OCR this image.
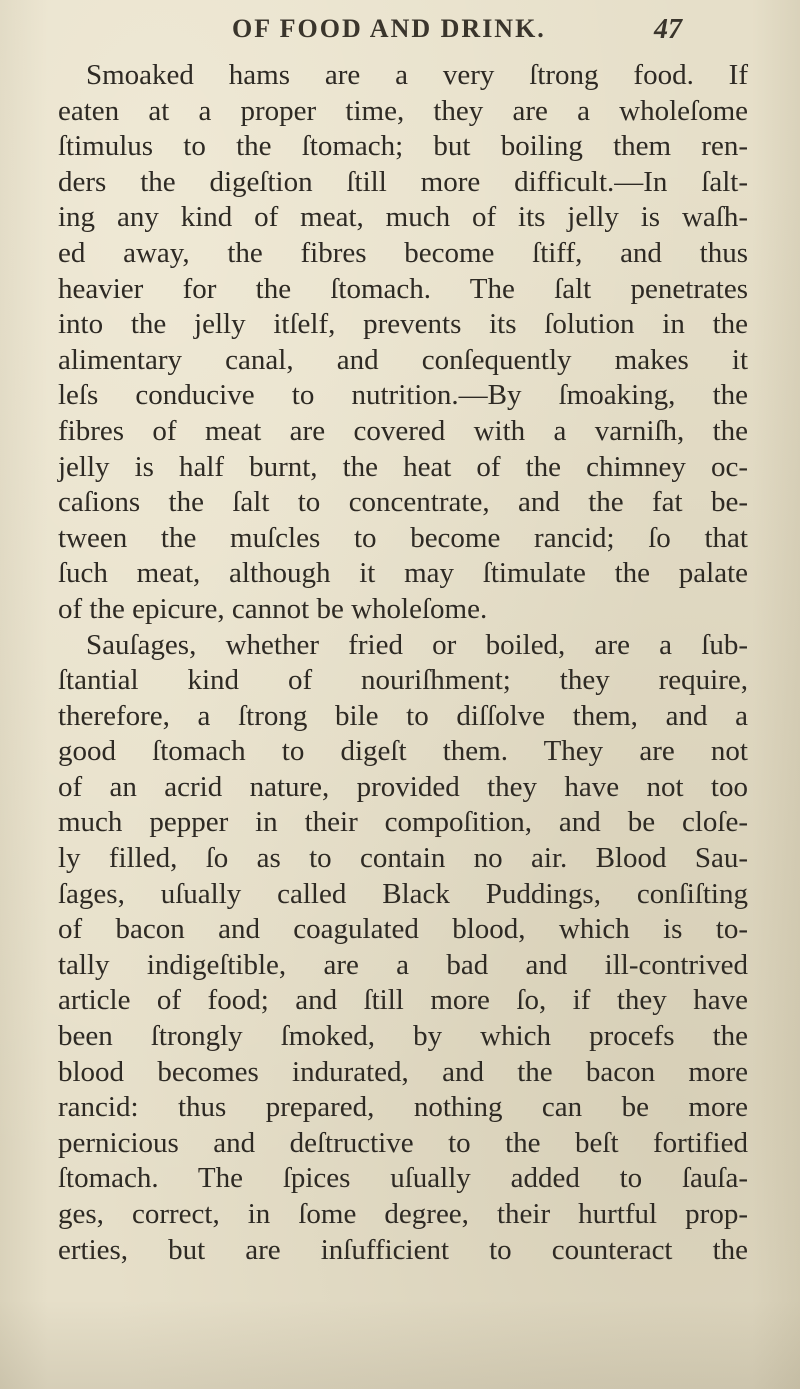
OF FOOD AND DRINK.	47
Smoaked hams are a very ſtrong food. If
eaten at a proper time, they are a wholeſome
ſtimulus to the ſtomach; but boiling them ren-
ders the digeſtion ſtill more difficult.—In ſalt-
ing any kind of meat, much of its jelly is waſh-
ed away, the fibres become ſtiff, and thus
heavier for the ſtomach. The ſalt penetrates
into the jelly itſelf, prevents its ſolution in the
alimentary canal, and conſequently makes it
leſs conducive to nutrition.—By ſmoaking, the
fibres of meat are covered with a varniſh, the
jelly is half burnt, the heat of the chimney oc-
caſions the ſalt to concentrate, and the fat be-
tween the muſcles to become rancid; ſo that
ſuch meat, although it may ſtimulate the palate
of the epicure, cannot be wholeſome.
Sauſages, whether fried or boiled, are a ſub-
ſtantial kind of nouriſhment; they require,
therefore, a ſtrong bile to diſſolve them, and a
good ſtomach to digeſt them. They are not
of an acrid nature, provided they have not too
much pepper in their compoſition, and be cloſe-
ly filled, ſo as to contain no air. Blood Sau-
ſages, uſually called Black Puddings, conſiſting
of bacon and coagulated blood, which is to-
tally indigeſtible, are a bad and ill-contrived
article of food; and ſtill more ſo, if they have
been ſtrongly ſmoked, by which procefs the
blood becomes indurated, and the bacon more
rancid: thus prepared, nothing can be more
pernicious and deſtructive to the beſt fortified
ſtomach. The ſpices uſually added to ſauſa-
ges, correct, in ſome degree, their hurtful prop-
erties, but are inſufficient to counteract the
